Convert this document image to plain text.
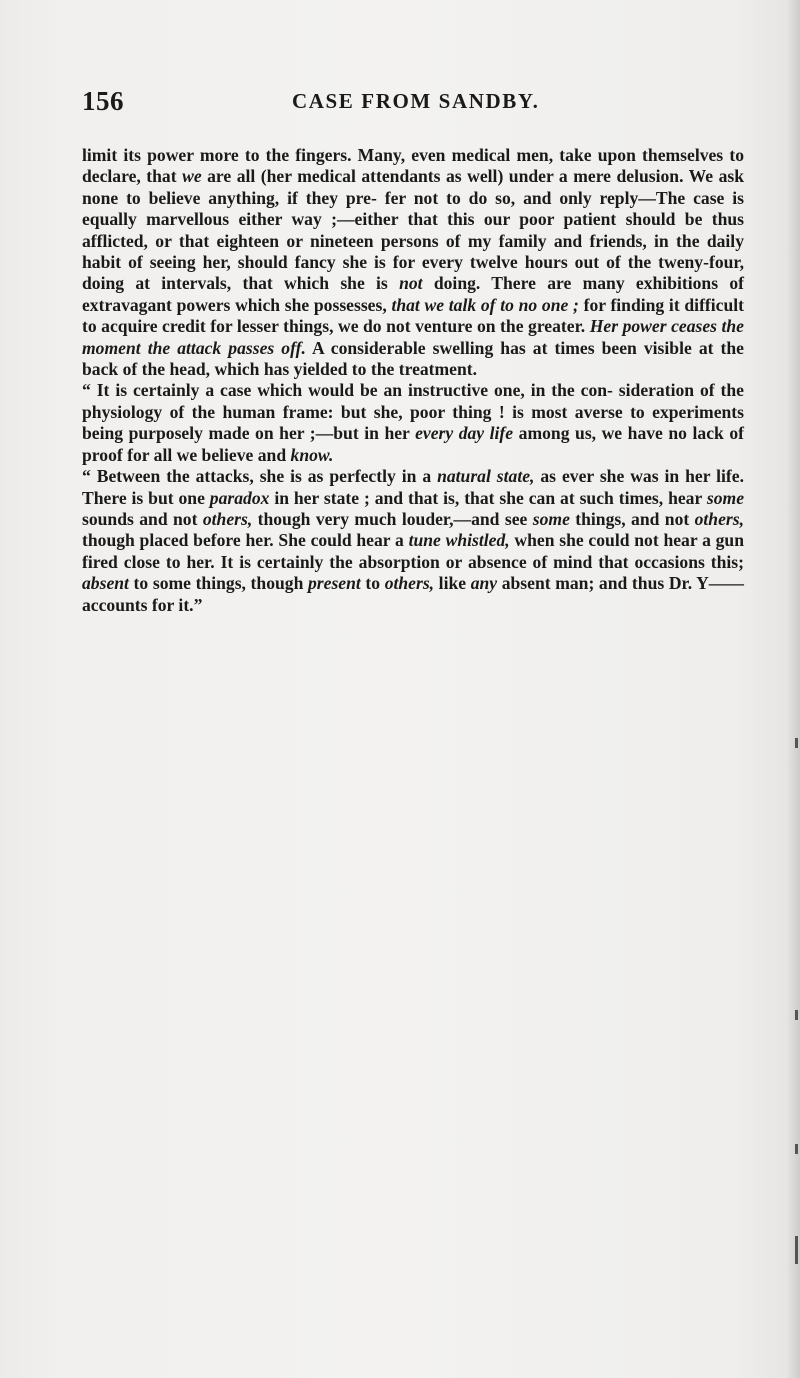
156	CASE FROM SANDBY.

limit its power more to the fingers. Many, even medical men, take upon themselves to declare, that we are all (her medical attendants as well) under a mere delusion. We ask none to believe anything, if they pre- fer not to do so, and only reply—The case is equally marvellous either way ;—either that this our poor patient should be thus afflicted, or that eighteen or nineteen persons of my family and friends, in the daily habit of seeing her, should fancy she is for every twelve hours out of the tweny-four, doing at intervals, that which she is not doing. There are many exhibitions of extravagant powers which she possesses, that we talk of to no one ; for finding it difficult to acquire credit for lesser things, we do not venture on the greater. Her power ceases the moment the attack passes off. A considerable swelling has at times been visible at the back of the head, which has yielded to the treatment.

“ It is certainly a case which would be an instructive one, in the con- sideration of the physiology of the human frame: but she, poor thing ! is most averse to experiments being purposely made on her ;—but in her every day life among us, we have no lack of proof for all we believe and know.

“ Between the attacks, she is as perfectly in a natural state, as ever she was in her life. There is but one paradox in her state ; and that is, that she can at such times, hear some sounds and not others, though very much louder,—and see some things, and not others, though placed before her. She could hear a tune whistled, when she could not hear a gun fired close to her. It is certainly the absorption or absence of mind that occasions this; absent to some things, though present to others, like any absent man; and thus Dr. Y—— accounts for it.”
